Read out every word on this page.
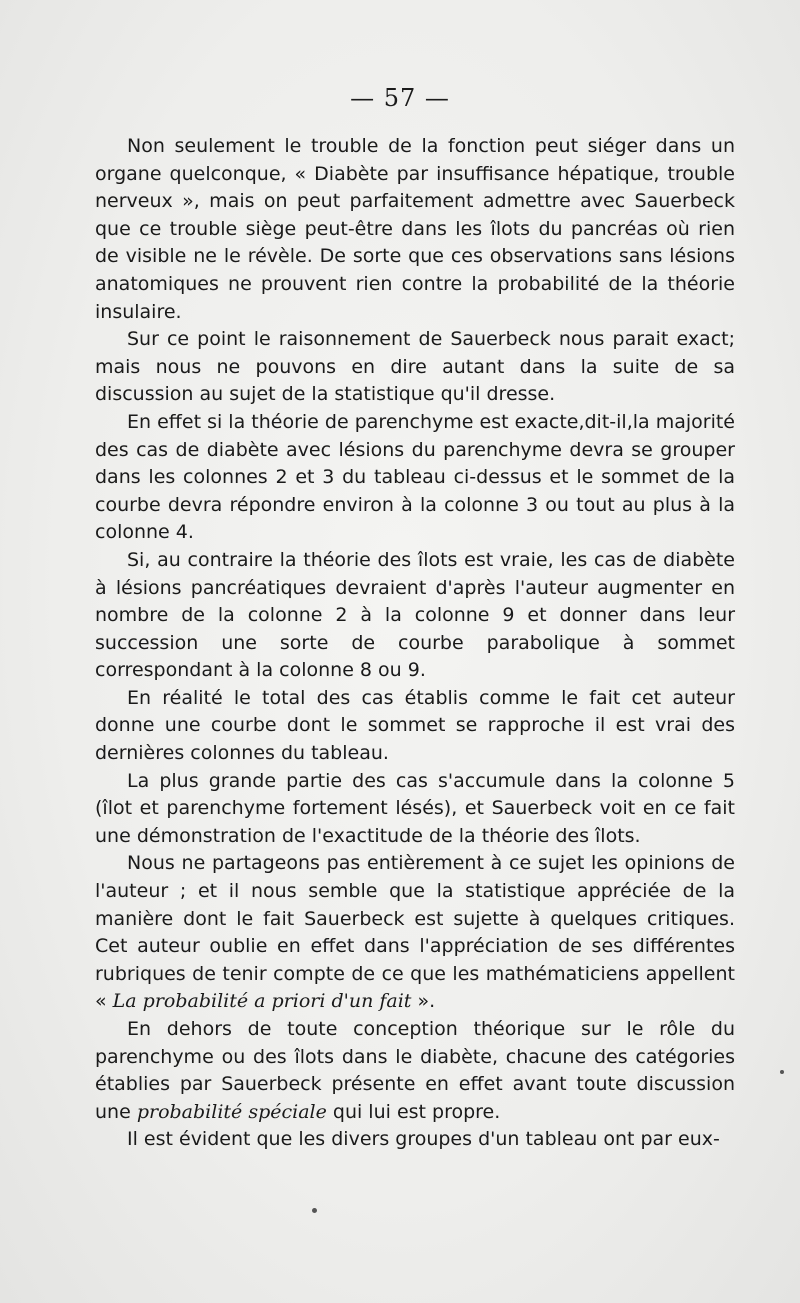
— 57 —

Non seulement le trouble de la fonction peut siéger dans un organe quelconque, « Diabète par insuffisance hépatique, trouble nerveux », mais on peut parfaitement admettre avec Sauerbeck que ce trouble siège peut-être dans les îlots du pancréas où rien de visible ne le révèle. De sorte que ces observations sans lésions anatomiques ne prouvent rien contre la probabilité de la théorie insulaire.

Sur ce point le raisonnement de Sauerbeck nous parait exact; mais nous ne pouvons en dire autant dans la suite de sa discussion au sujet de la statistique qu'il dresse.

En effet si la théorie de parenchyme est exacte,dit-il,la majorité des cas de diabète avec lésions du parenchyme devra se grouper dans les colonnes 2 et 3 du tableau ci-dessus et le sommet de la courbe devra répondre environ à la colonne 3 ou tout au plus à la colonne 4.

Si, au contraire la théorie des îlots est vraie, les cas de diabète à lésions pancréatiques devraient d'après l'auteur augmenter en nombre de la colonne 2 à la colonne 9 et donner dans leur succession une sorte de courbe parabolique à sommet correspondant à la colonne 8 ou 9.

En réalité le total des cas établis comme le fait cet auteur donne une courbe dont le sommet se rapproche il est vrai des dernières colonnes du tableau.

La plus grande partie des cas s'accumule dans la colonne 5 (îlot et parenchyme fortement lésés), et Sauerbeck voit en ce fait une démonstration de l'exactitude de la théorie des îlots.

Nous ne partageons pas entièrement à ce sujet les opinions de l'auteur ; et il nous semble que la statistique appréciée de la manière dont le fait Sauerbeck est sujette à quelques critiques. Cet auteur oublie en effet dans l'appréciation de ses différentes rubriques de tenir compte de ce que les mathématiciens appellent « La probabilité a priori d'un fait ».

En dehors de toute conception théorique sur le rôle du parenchyme ou des îlots dans le diabète, chacune des catégories établies par Sauerbeck présente en effet avant toute discussion une probabilité spéciale qui lui est propre.

Il est évident que les divers groupes d'un tableau ont par eux-
